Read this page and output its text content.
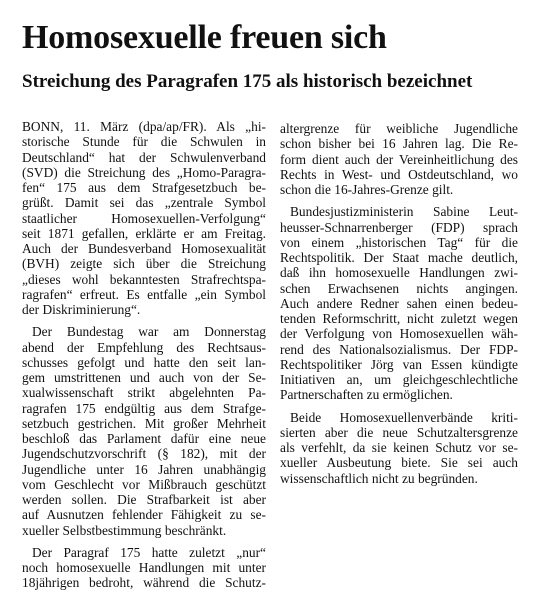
Homosexuelle freuen sich
Streichung des Paragrafen 175 als historisch bezeichnet
BONN, 11. März (dpa/ap/FR). Als „hi-
storische Stunde für die Schwulen in
Deutschland“ hat der Schwulenverband
(SVD) die Streichung des „Homo-Paragra-
fen“ 175 aus dem Strafgesetzbuch be-
grüßt. Damit sei das „zentrale Symbol
staatlicher Homosexuellen-Verfolgung“
seit 1871 gefallen, erklärte er am Freitag.
Auch der Bundesverband Homosexualität
(BVH) zeigte sich über die Streichung
„dieses wohl bekanntesten Strafrechtspa-
ragrafen“ erfreut. Es entfalle „ein Symbol
der Diskriminierung“.
Der Bundestag war am Donnerstag
abend der Empfehlung des Rechtsaus-
schusses gefolgt und hatte den seit lan-
gem umstrittenen und auch von der Se-
xualwissenschaft strikt abgelehnten Pa-
ragrafen 175 endgültig aus dem Strafge-
setzbuch gestrichen. Mit großer Mehrheit
beschloß das Parlament dafür eine neue
Jugendschutzvorschrift (§ 182), mit der
Jugendliche unter 16 Jahren unabhängig
vom Geschlecht vor Mißbrauch geschützt
werden sollen. Die Strafbarkeit ist aber
auf Ausnutzen fehlender Fähigkeit zu se-
xueller Selbstbestimmung beschränkt.
Der Paragraf 175 hatte zuletzt „nur“
noch homosexuelle Handlungen mit unter
18jährigen bedroht, während die Schutz-
altergrenze für weibliche Jugendliche
schon bisher bei 16 Jahren lag. Die Re-
form dient auch der Vereinheitlichung des
Rechts in West- und Ostdeutschland, wo
schon die 16-Jahres-Grenze gilt.
Bundesjustizministerin Sabine Leut-
heusser-Schnarrenberger (FDP) sprach
von einem „historischen Tag“ für die
Rechtspolitik. Der Staat mache deutlich,
daß ihn homosexuelle Handlungen zwi-
schen Erwachsenen nichts angingen.
Auch andere Redner sahen einen bedeu-
tenden Reformschritt, nicht zuletzt wegen
der Verfolgung von Homosexuellen wäh-
rend des Nationalsozialismus. Der FDP-
Rechtspolitiker Jörg van Essen kündigte
Initiativen an, um gleichgeschlechtliche
Partnerschaften zu ermöglichen.
Beide Homosexuellenverbände kriti-
sierten aber die neue Schutzaltersgrenze
als verfehlt, da sie keinen Schutz vor se-
xueller Ausbeutung biete. Sie sei auch
wissenschaftlich nicht zu begründen.
